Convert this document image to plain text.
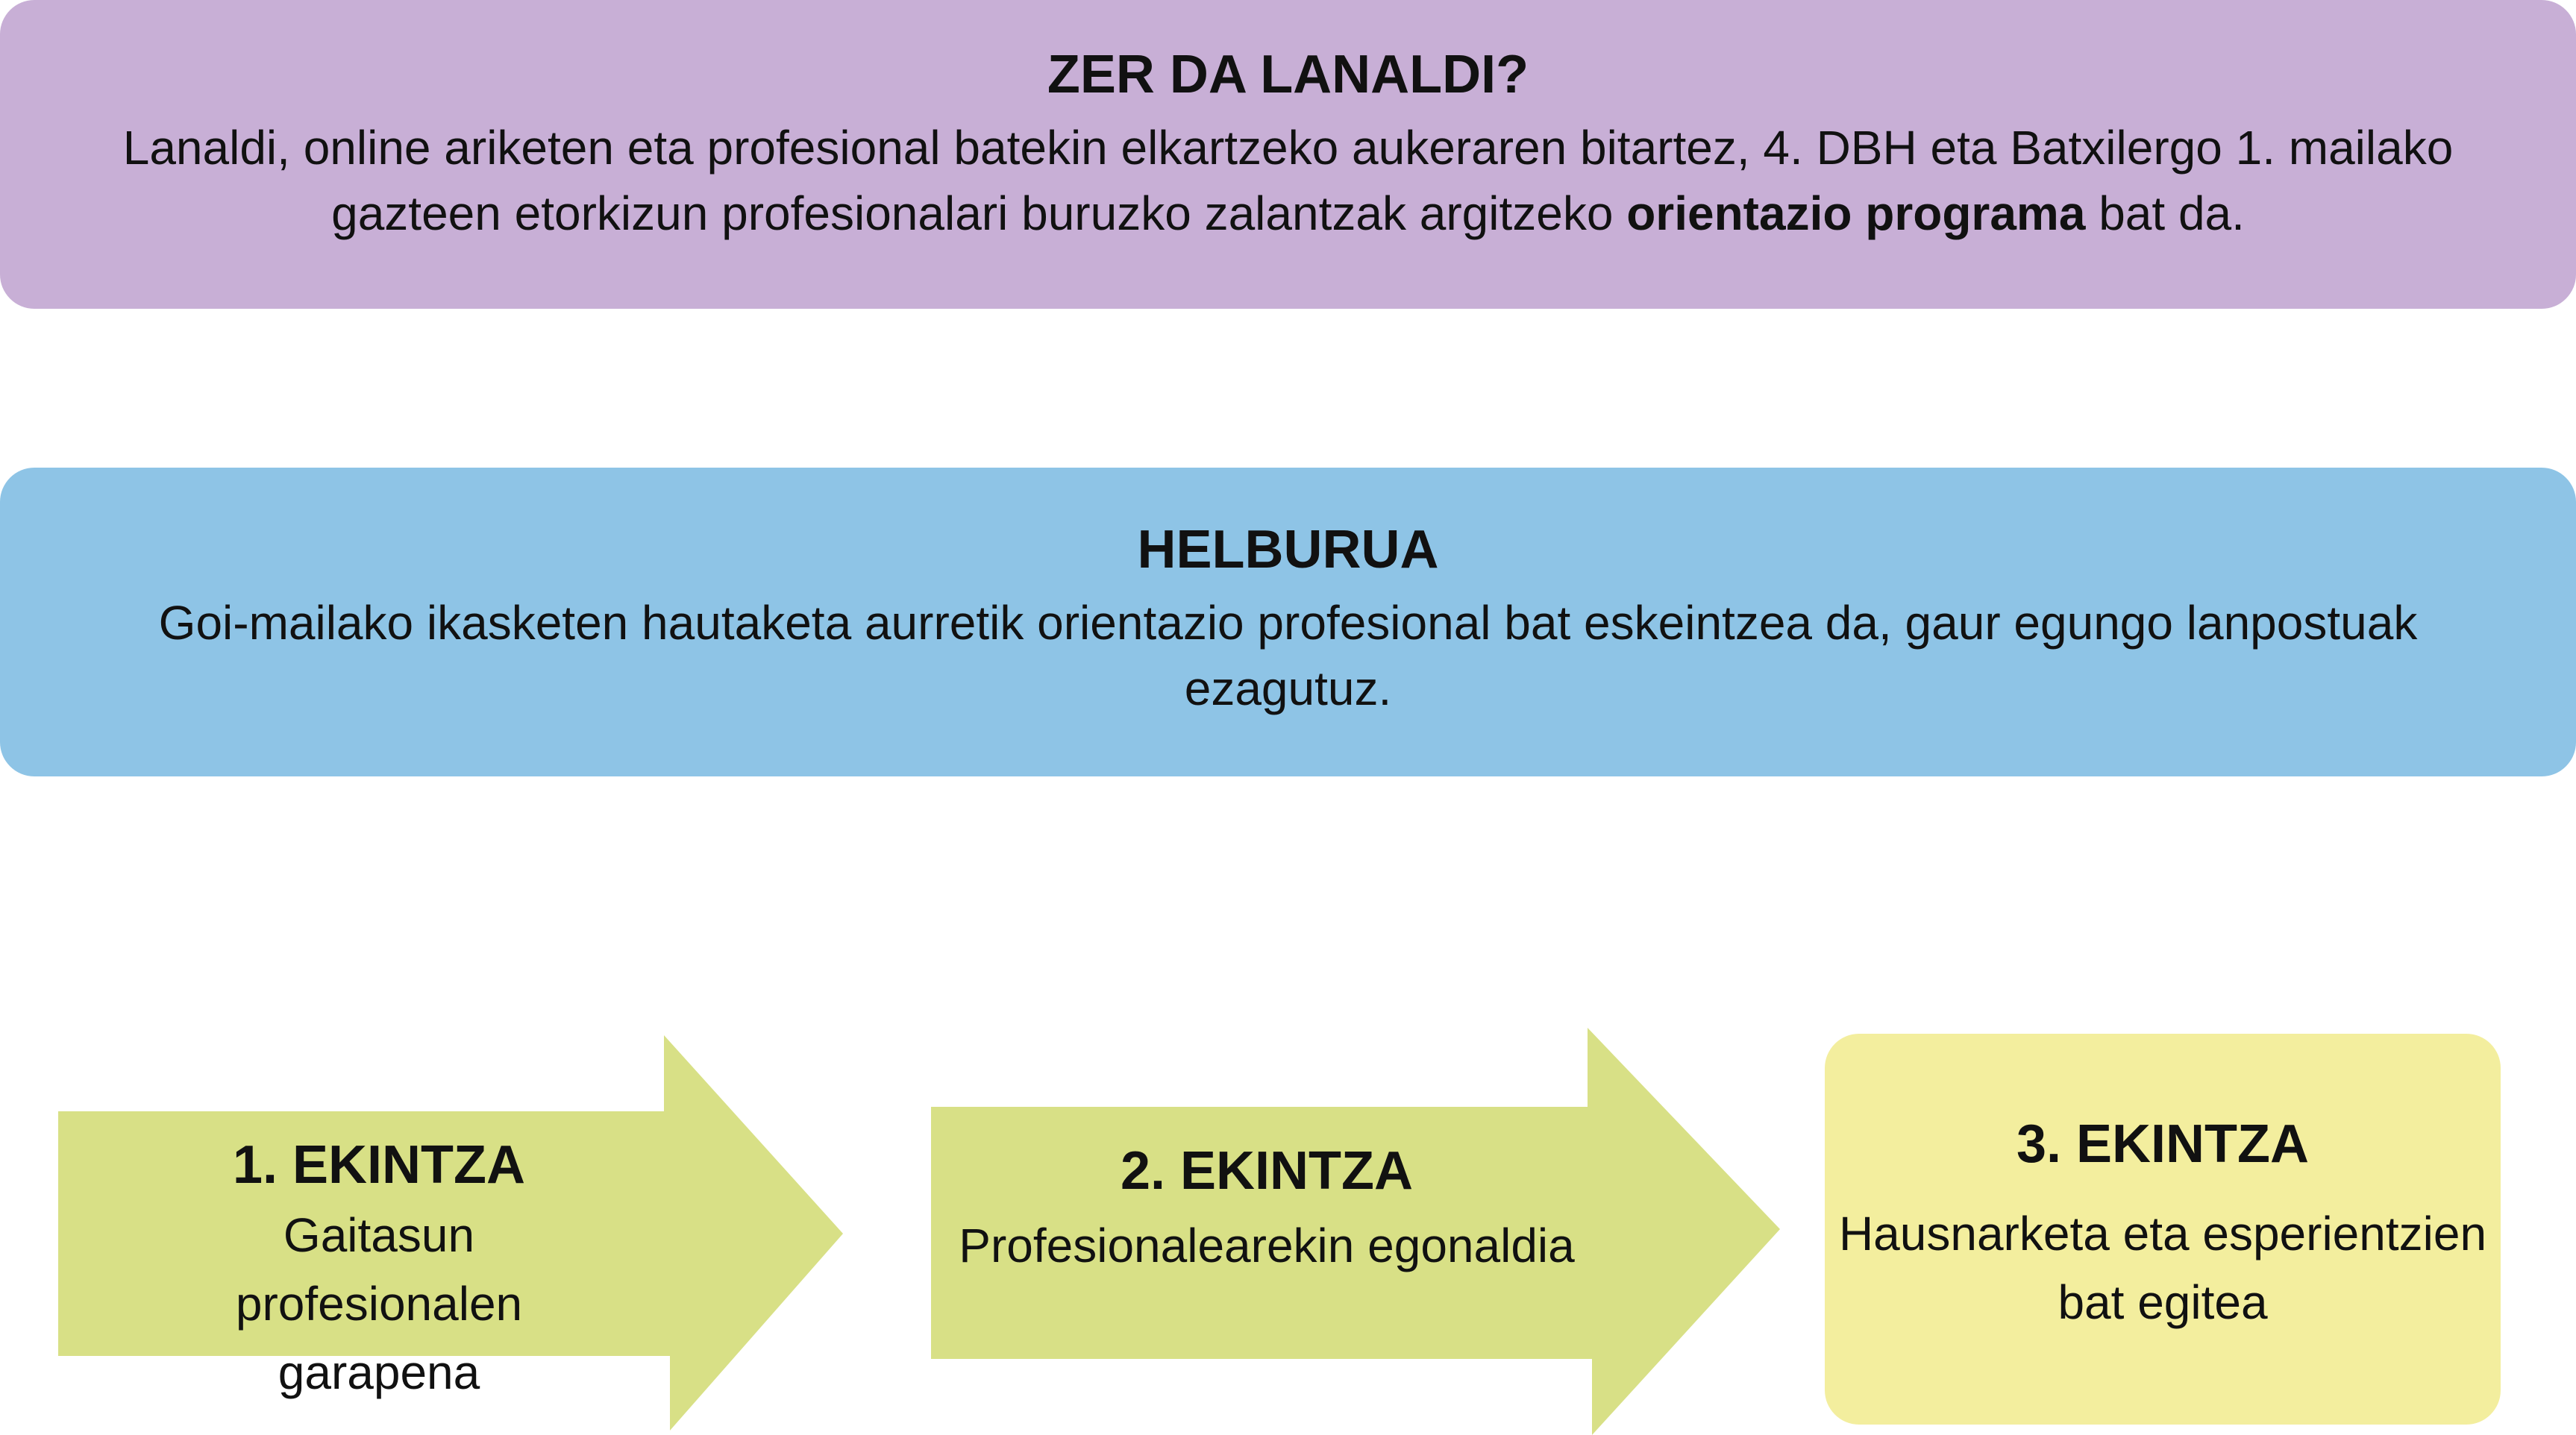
ZER DA LANALDI?
Lanaldi, online ariketen eta profesional batekin elkartzeko aukeraren bitartez, 4. DBH eta Batxilergo 1. mailako gazteen etorkizun profesionalari buruzko zalantzak argitzeko orientazio programa bat da.
HELBURUA
Goi-mailako ikasketen hautaketa aurretik orientazio profesional bat eskeintzea da, gaur egungo lanpostuak ezagutuz.
1. EKINTZA
Gaitasun profesionalen garapena
2. EKINTZA
Profesionalearekin egonaldia
3. EKINTZA
Hausnarketa eta esperientzien bat egitea
